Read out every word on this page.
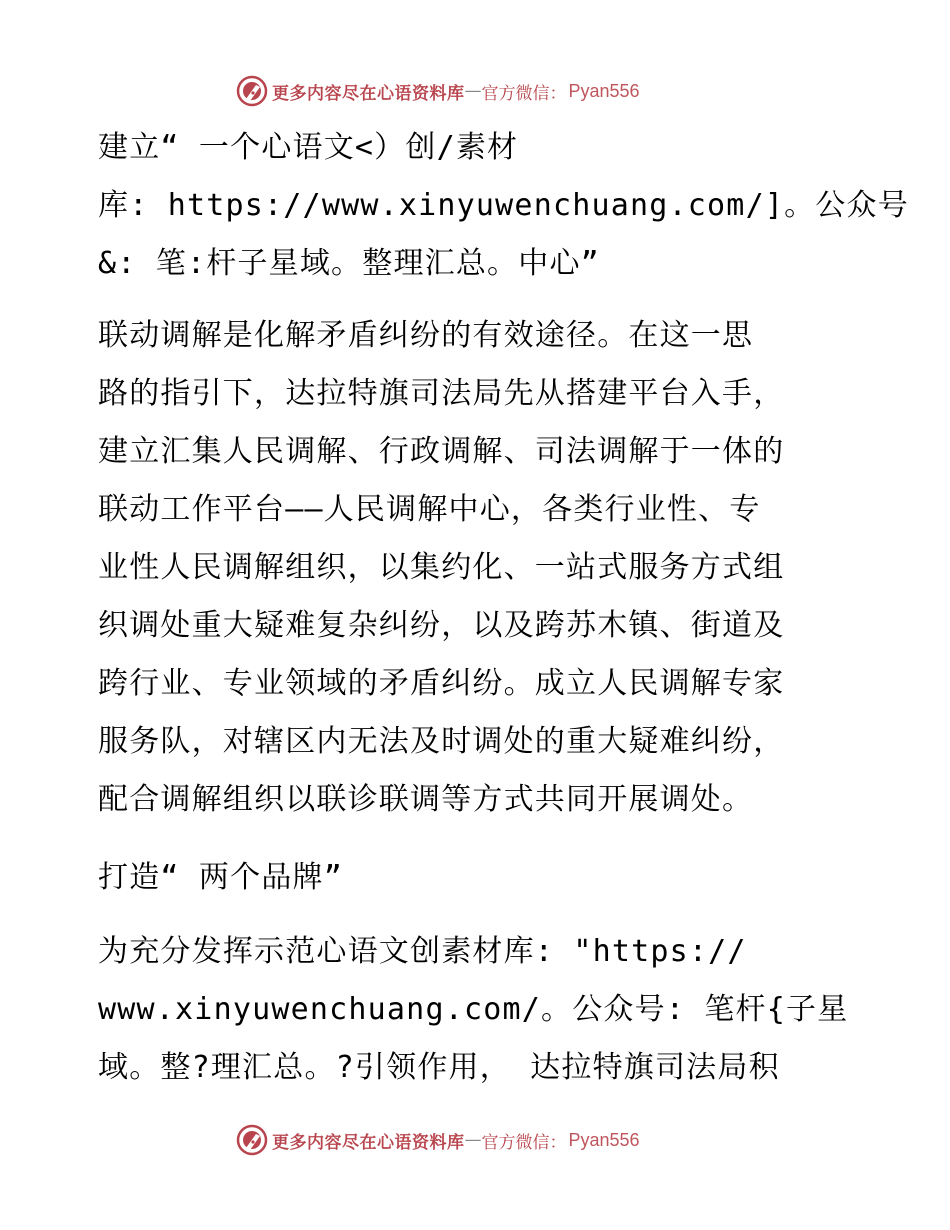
更多内容尽在心语资料库 — 官方微信： Pyan556
建立“ 一个心语文<）创/素材
库: https://www.xinyuwenchuang.com/]。公众号
&: 笔:杆子星域。整理汇总。中心”
联动调解是化解矛盾纠纷的有效途径。在这一思
路的指引下，达拉特旗司法局先从搭建平台入手，
建立汇集人民调解、行政调解、司法调解于一体的
联动工作平台——人民调解中心，各类行业性、专
业性人民调解组织，以集约化、一站式服务方式组
织调处重大疑难复杂纠纷，以及跨苏木镇、街道及
跨行业、专业领域的矛盾纠纷。成立人民调解专家
服务队，对辖区内无法及时调处的重大疑难纠纷，
配合调解组织以联诊联调等方式共同开展调处。
打造“ 两个品牌”
为充分发挥示范心语文创素材库: "https://
www.xinyuwenchuang.com/。公众号: 笔杆{子星
域。整?理汇总。?引领作用， 达拉特旗司法局积
更多内容尽在心语资料库 — 官方微信： Pyan556
